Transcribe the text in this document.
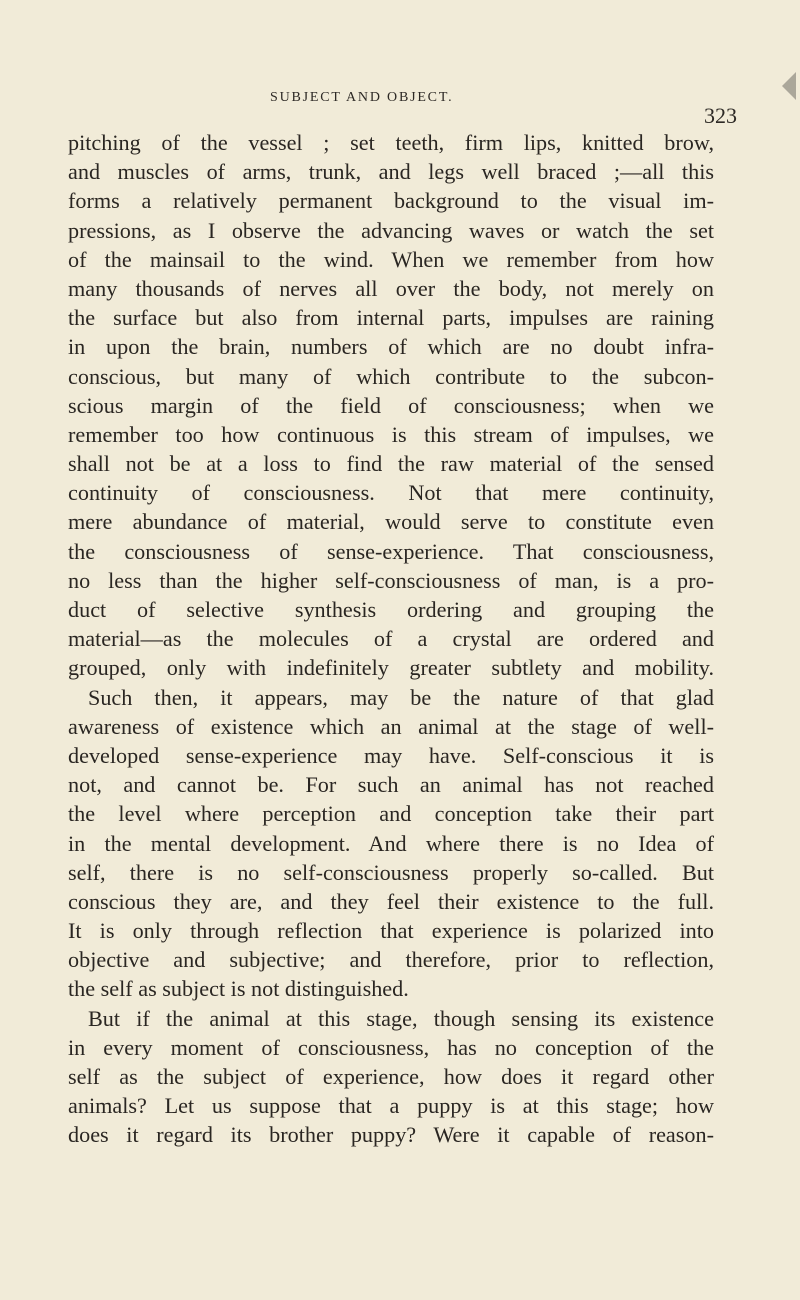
SUBJECT AND OBJECT.
323
pitching of the vessel ; set teeth, firm lips, knitted brow,
and muscles of arms, trunk, and legs well braced ;—all this
forms a relatively permanent background to the visual im-
pressions, as I observe the advancing waves or watch the set
of the mainsail to the wind. When we remember from how
many thousands of nerves all over the body, not merely on
the surface but also from internal parts, impulses are raining
in upon the brain, numbers of which are no doubt infra-
conscious, but many of which contribute to the subcon-
scious margin of the field of consciousness; when we
remember too how continuous is this stream of impulses, we
shall not be at a loss to find the raw material of the sensed
continuity of consciousness. Not that mere continuity,
mere abundance of material, would serve to constitute even
the consciousness of sense-experience. That consciousness,
no less than the higher self-consciousness of man, is a pro-
duct of selective synthesis ordering and grouping the
material—as the molecules of a crystal are ordered and
grouped, only with indefinitely greater subtlety and mobility.
Such then, it appears, may be the nature of that glad
awareness of existence which an animal at the stage of well-
developed sense-experience may have. Self-conscious it is
not, and cannot be. For such an animal has not reached
the level where perception and conception take their part
in the mental development. And where there is no Idea of
self, there is no self-consciousness properly so-called. But
conscious they are, and they feel their existence to the full.
It is only through reflection that experience is polarized into
objective and subjective; and therefore, prior to reflection,
the self as subject is not distinguished.
But if the animal at this stage, though sensing its existence
in every moment of consciousness, has no conception of the
self as the subject of experience, how does it regard other
animals? Let us suppose that a puppy is at this stage; how
does it regard its brother puppy? Were it capable of reason-
